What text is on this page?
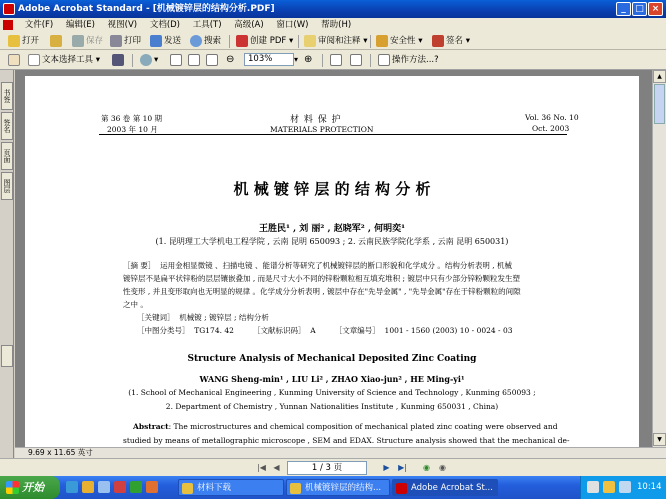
Adobe Acrobat Standard - [机械镀锌层的结构分析.PDF]	_	□ ×
文件(F) 编辑(E) 视图(V) 文档(D) 工具(T) 高级(A) 窗口(W) 帮助(H)
打开	保存	打印	发送	搜索	创建 PDF ▾	审阅和注释 ▾	安全性 ▾	签名 ▾
文本选择工具 ▾	▾	⊖	103%	▾ ⊕	操作方法...?
书签
签名
页面
图层
第 36 卷 第 10 期
2003 年 10 月
材 料 保 护
MATERIALS PROTECTION
Vol. 36 No. 10
Oct. 2003
机 械 镀 锌 层 的 结 构 分 析
王胜民¹ , 刘 丽² , 赵晓军² , 何明奕¹
(1. 昆明理工大学机电工程学院 , 云南 昆明 650093 ; 2. 云南民族学院化学系 , 云南 昆明 650031)
［摘 要］ 运用金相显微镜 、扫描电镜 、能谱分析等研究了机械镀锌层的断口形貌和化学成分 。结构分析表明 , 机械
镀锌层不是扁平状锌粉的层层镶嵌叠加 , 而是尺寸大小不同的锌粉颗粒相互填充堆积 ; 镀层中只有少部分锌粉颗粒发生塑
性变形 , 并且变形取向也无明显的规律 。化学成分分析表明 , 镀层中存在"先导金属" , "先导金属"存在于锌粉颗粒的间隙
之中 。
［关键词］ 机械镀 ; 镀锌层 ; 结构分析
［中图分类号］ TG174. 42	［文献标识码］ A	［文章编号］ 1001 - 1560 (2003) 10 - 0024 - 03
Structure Analysis of Mechanical Deposited Zinc Coating
WANG Sheng-min¹ , LIU Li² , ZHAO Xiao-jun² , HE Ming-yi¹
(1. School of Mechanical Engineering , Kunming University of Science and Technology , Kunming 650093 ;
2. Department of Chemistry , Yunnan Nationalities Institute , Kunming 650031 , China)
Abstract: The microstructures and chemical composition of mechanical plated zinc coating were observed and
studied by means of metallographic microscope , SEM and EDAX. Structure analysis showed that the mechanical de-
▲
▼
9.69 x 11.65 英寸
|◀ ◀	1 / 3 页	▶	▶|	◉	◉
开始	材料下载	机械镀锌层的结构...	Adobe Acrobat St...	10:14
